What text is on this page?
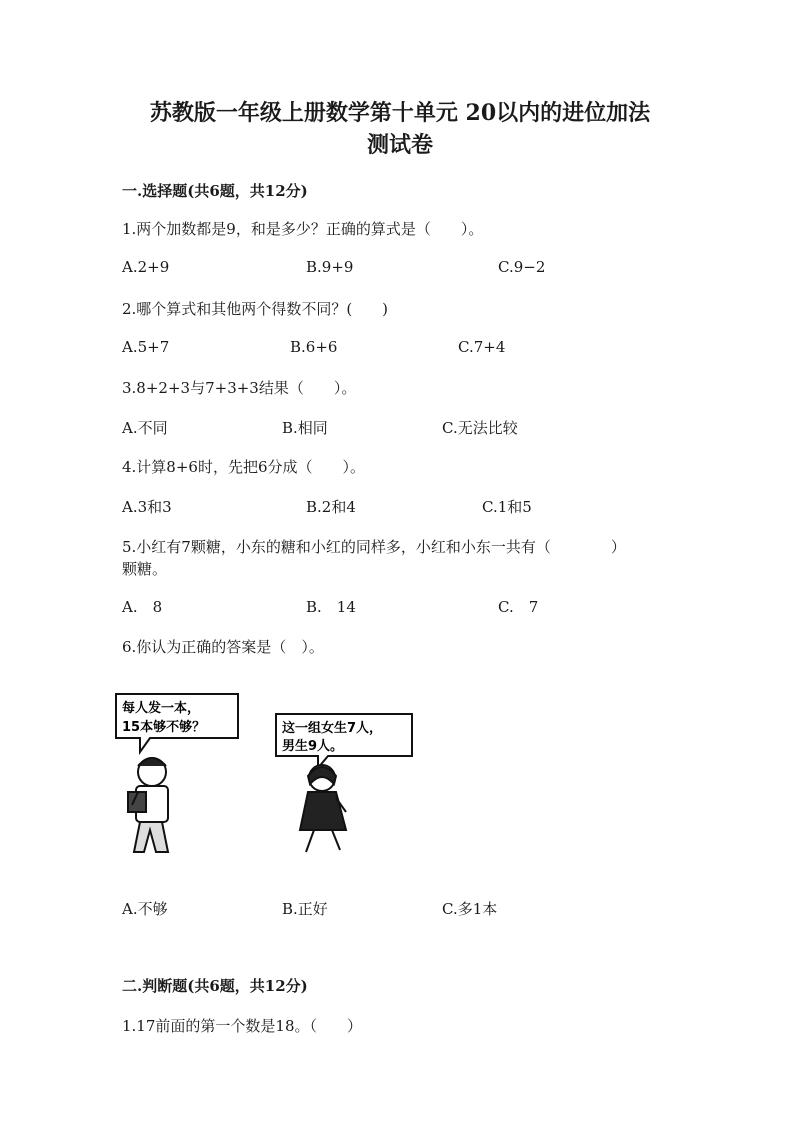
苏教版一年级上册数学第十单元 20以内的进位加法
测试卷
一.选择题(共6题，共12分)
1.两个加数都是9，和是多少？正确的算式是（　　）。
A.2+9	B.9+9	C.9−2
2.哪个算式和其他两个得数不同？(　　)
A.5+7	B.6+6	C.7+4
3.8+2+3与7+3+3结果（　　）。
A.不同	B.相同	C.无法比较
4.计算8+6时，先把6分成（　　）。
A.3和3	B.2和4	C.1和5
5.小红有7颗糖，小东的糖和小红的同样多，小红和小东一共有（　　　　）
颗糖。
A.　8	B.　14	C.　7
6.你认为正确的答案是（　）。
每人发一本，
15本够不够？	这一组女生7人，
男生9人。
A.不够	B.正好	C.多1本
二.判断题(共6题，共12分)
1.17前面的第一个数是18。（　　）
